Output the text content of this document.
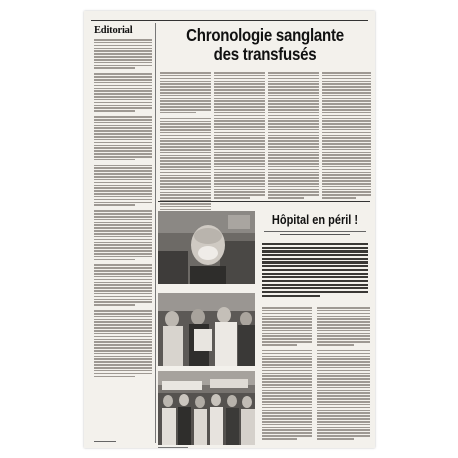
Editorial	Chronologie sanglante
des transfusés
Hôpital en péril !
